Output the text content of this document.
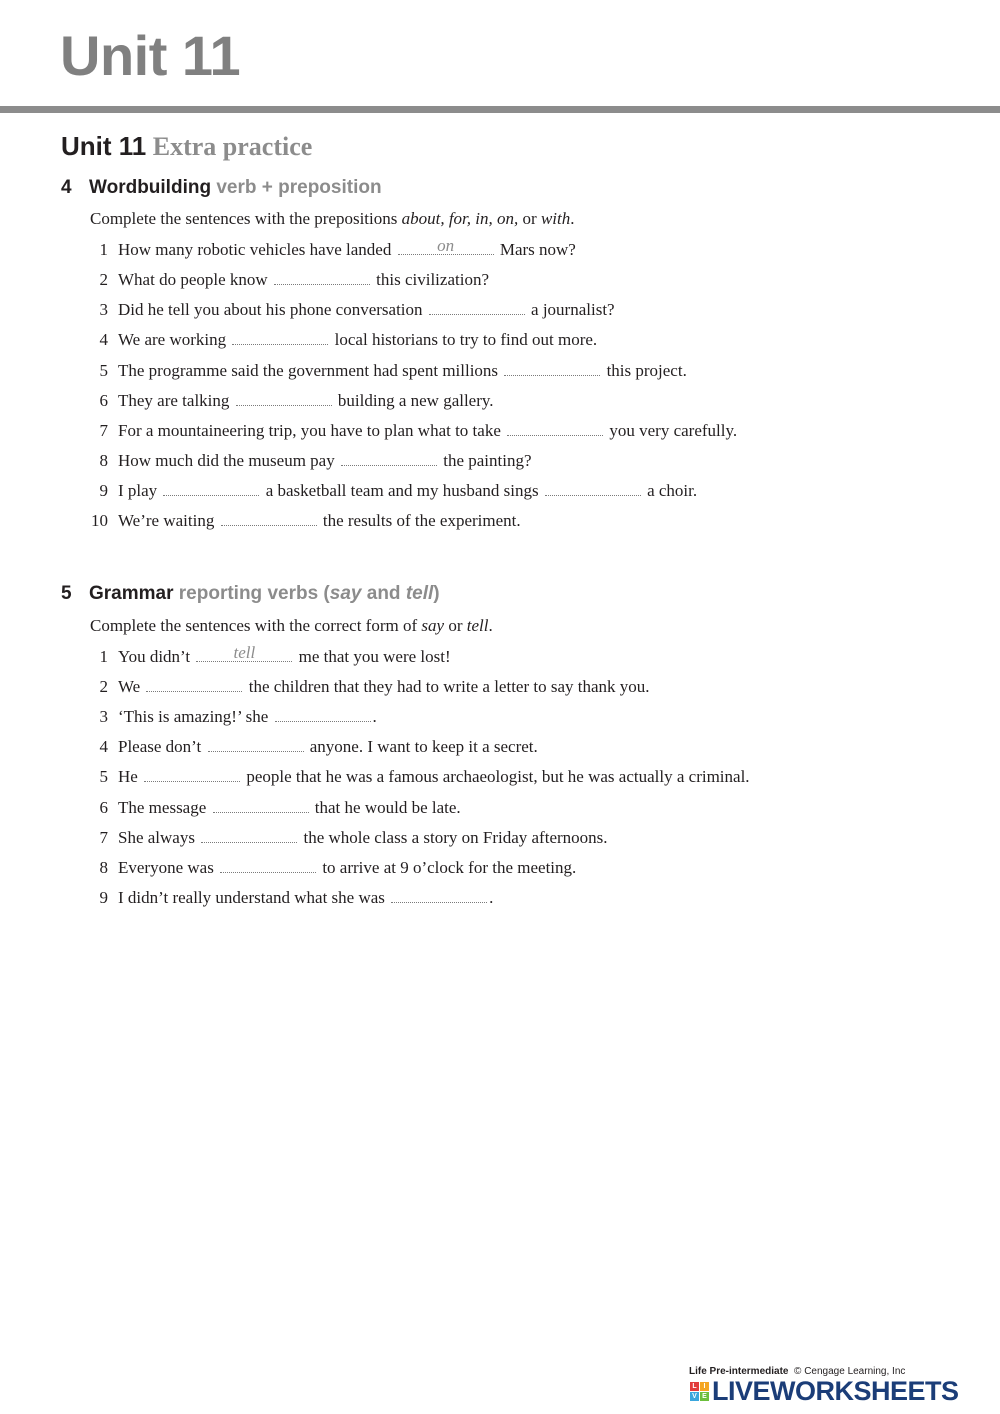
Unit 11
Unit 11 Extra practice
4 Wordbuilding verb + preposition
Complete the sentences with the prepositions about, for, in, on, or with.
1 How many robotic vehicles have landed	on	Mars now?
2 What do people know	this civilization?
3 Did he tell you about his phone conversation	a journalist?
4 We are working	local historians to try to find out more.
5 The programme said the government had spent millions	this project.
6 They are talking	building a new gallery.
7 For a mountaineering trip, you have to plan what to take	you very carefully.
8 How much did the museum pay	the painting?
9 I play	a basketball team and my husband sings	a choir.
10 We’re waiting	the results of the experiment.
5 Grammar reporting verbs (say and tell)
Complete the sentences with the correct form of say or tell.
1 You didn’t	tell	me that you were lost!
2 We	the children that they had to write a letter to say thank you.
3 ‘This is amazing!’ she	.
4 Please don’t	anyone. I want to keep it a secret.
5 He	people that he was a famous archaeologist, but he was actually a criminal.
6 The message	that he would be late.
7 She always	the whole class a story on Friday afternoons.
8 Everyone was	to arrive at 9 o’clock for the meeting.
9 I didn’t really understand what she was	.
Life Pre-intermediate © Cengage Learning, Inc
L I
V E LIVEWORKSHEETS
